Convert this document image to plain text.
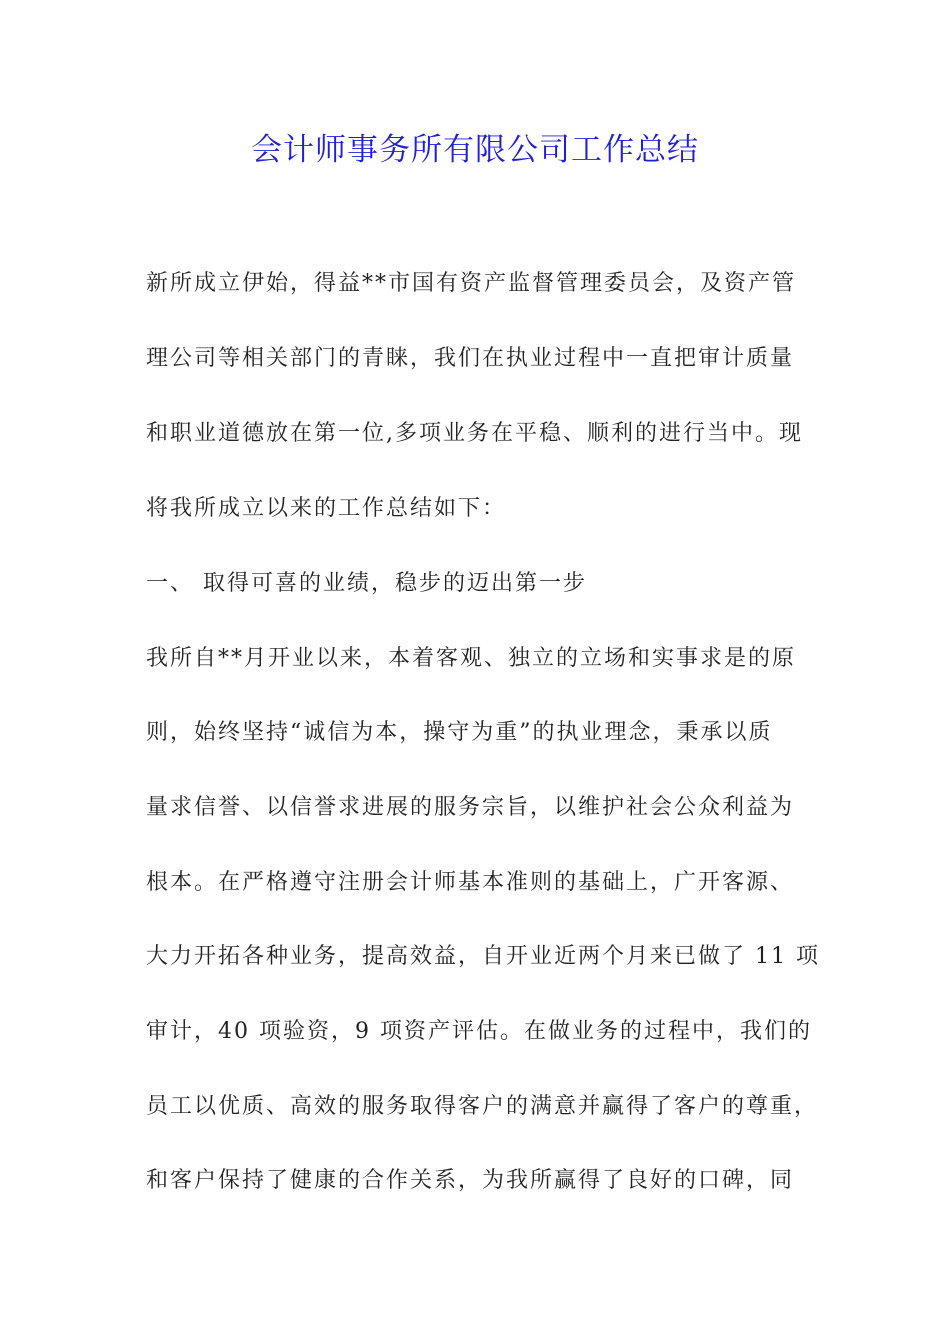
会计师事务所有限公司工作总结
新所成立伊始，得益**市国有资产监督管理委员会，及资产管
理公司等相关部门的青睐，我们在执业过程中一直把审计质量
和职业道德放在第一位,多项业务在平稳、顺利的进行当中。现
将我所成立以来的工作总结如下：
一、 取得可喜的业绩，稳步的迈出第一步
我所自**月开业以来，本着客观、独立的立场和实事求是的原
则，始终坚持“诚信为本，操守为重”的执业理念，秉承以质
量求信誉、以信誉求进展的服务宗旨，以维护社会公众利益为
根本。在严格遵守注册会计师基本准则的基础上，广开客源、
大力开拓各种业务，提高效益，自开业近两个月来已做了 11 项
审计，40 项验资，9 项资产评估。在做业务的过程中，我们的
员工以优质、高效的服务取得客户的满意并赢得了客户的尊重，
和客户保持了健康的合作关系，为我所赢得了良好的口碑，同
